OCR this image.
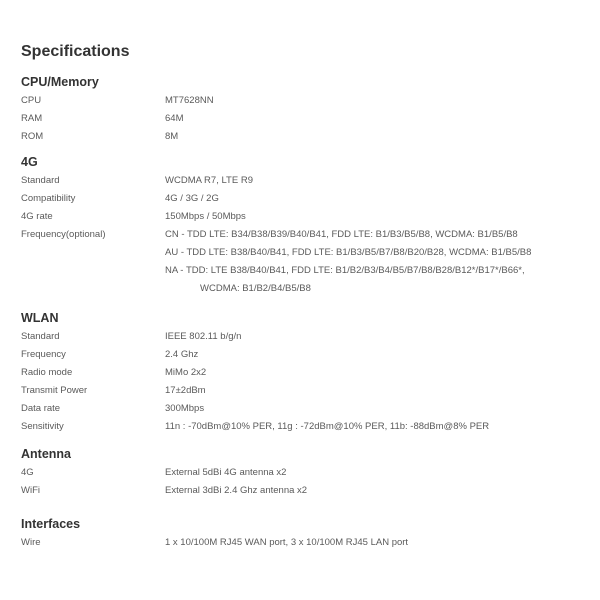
Specifications
CPU/Memory
CPU	MT7628NN
RAM	64M
ROM	8M
4G
Standard	WCDMA R7, LTE R9
Compatibility	4G / 3G / 2G
4G rate	150Mbps / 50Mbps
Frequency(optional)	CN - TDD LTE: B34/B38/B39/B40/B41, FDD LTE: B1/B3/B5/B8, WCDMA: B1/B5/B8
AU - TDD LTE: B38/B40/B41, FDD LTE: B1/B3/B5/B7/B8/B20/B28, WCDMA: B1/B5/B8
NA - TDD: LTE B38/B40/B41, FDD LTE: B1/B2/B3/B4/B5/B7/B8/B28/B12*/B17*/B66*,
WCDMA: B1/B2/B4/B5/B8
WLAN
Standard	IEEE 802.11 b/g/n
Frequency	2.4 Ghz
Radio mode	MiMo 2x2
Transmit Power	17±2dBm
Data rate	300Mbps
Sensitivity	11n : -70dBm@10% PER, 11g : -72dBm@10% PER, 11b: -88dBm@8% PER
Antenna
4G	External 5dBi 4G antenna x2
WiFi	External 3dBi 2.4 Ghz antenna x2
Interfaces
Wire	1 x 10/100M RJ45 WAN port, 3 x 10/100M RJ45 LAN port
